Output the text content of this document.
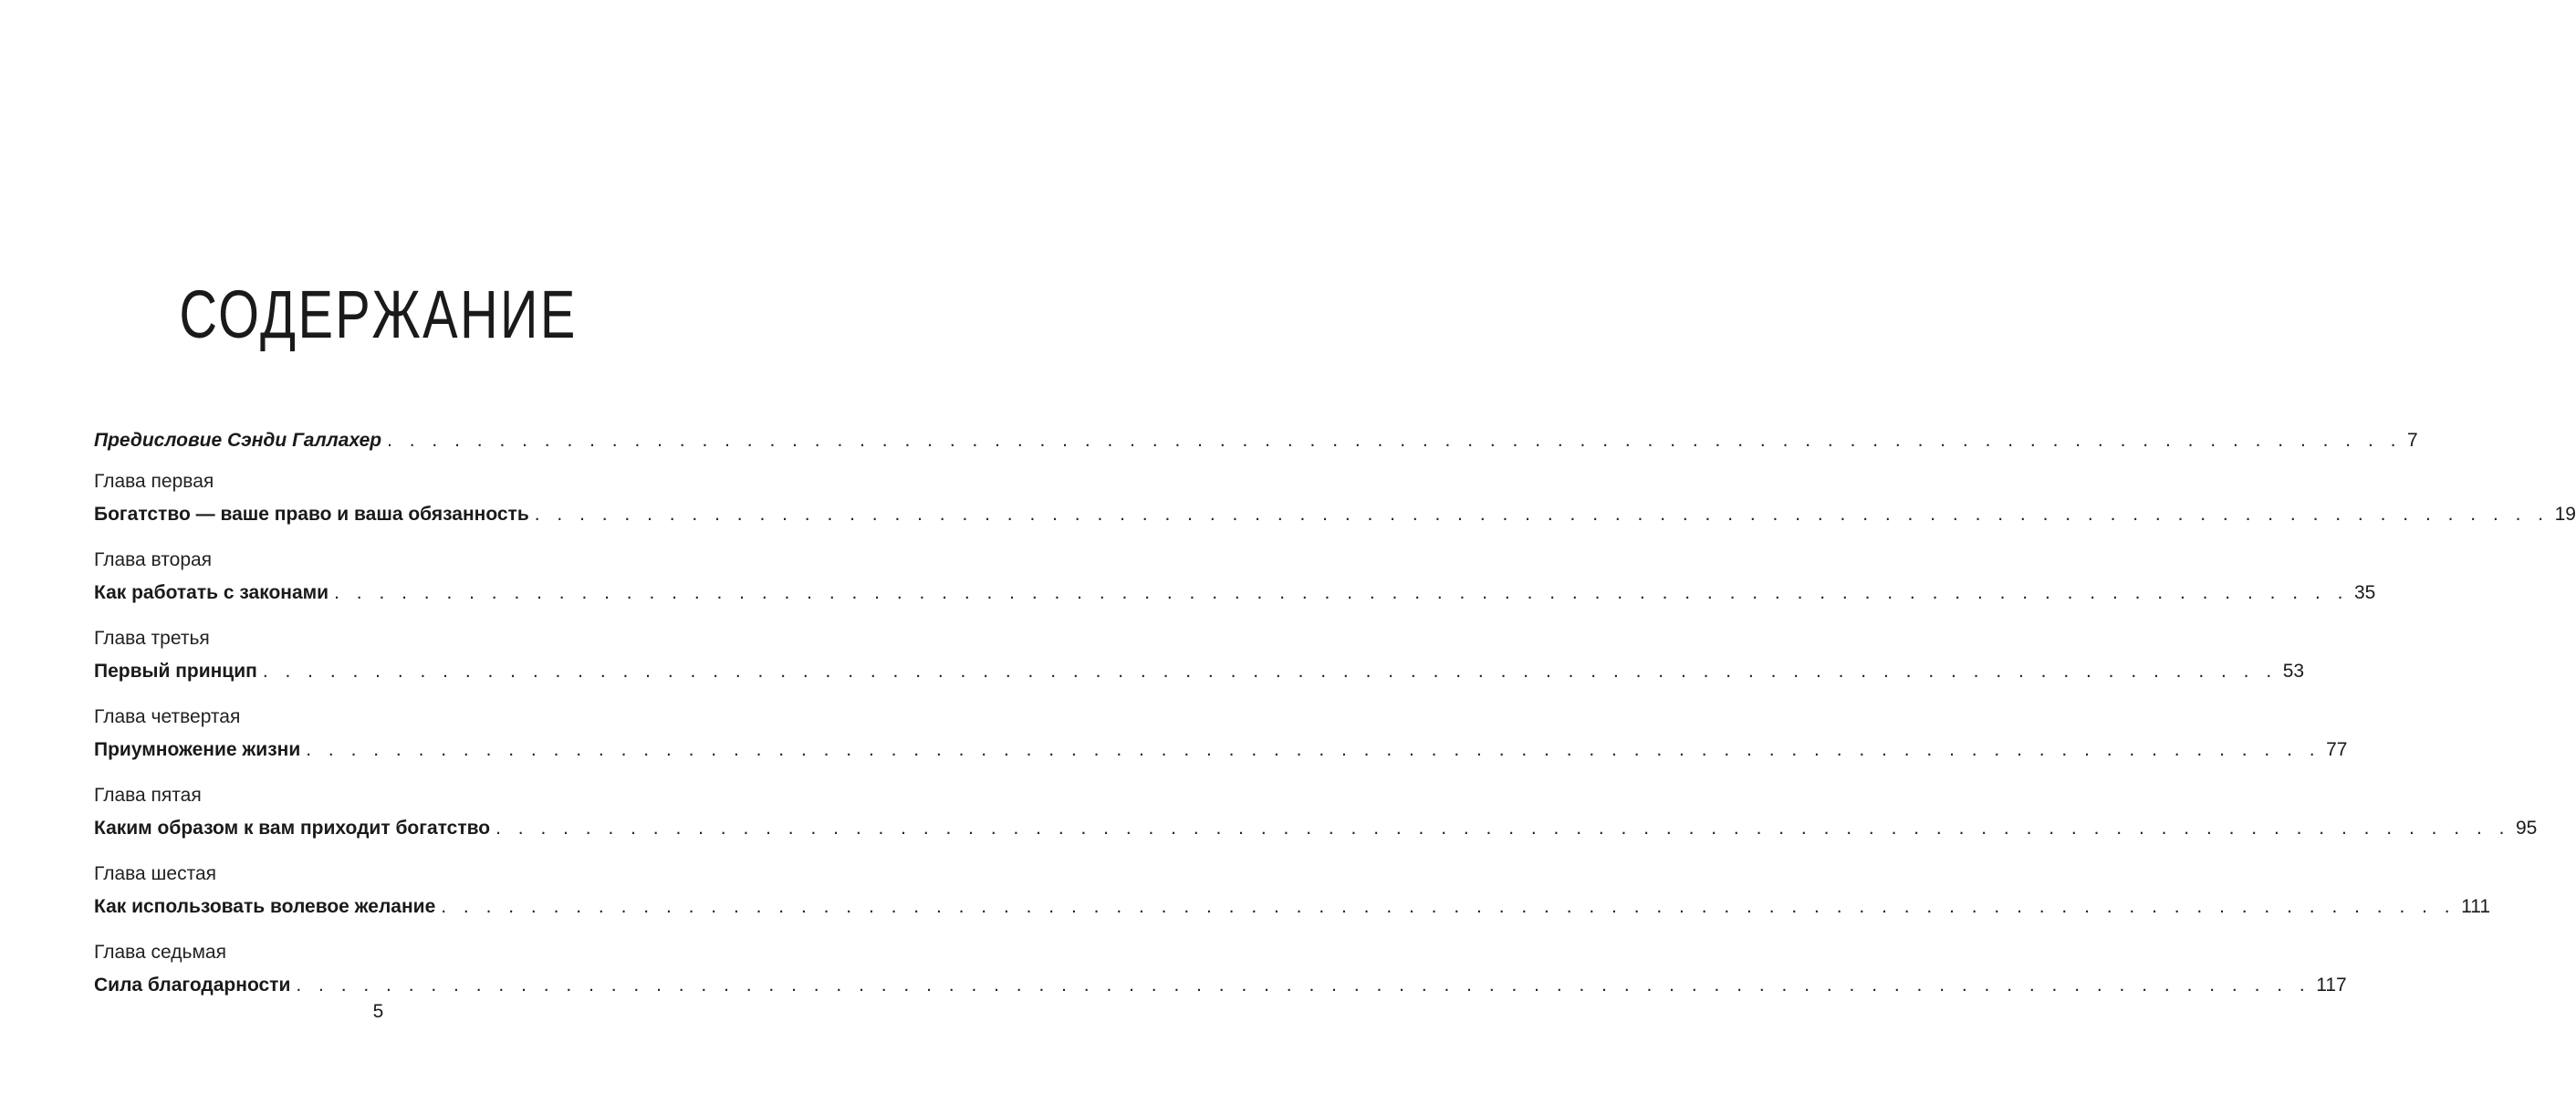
СОДЕРЖАНИЕ
Предисловие Сэнди Галлахер . . . . . . . . . . . . . . . . . . . . . . . . . . . . . . . . . . . . . . . . . . . . . . . . . . . . . . . . . . . . . . . . . . . . . . . . . . . . . . . . . . . . . . . . . . 7
Глава первая
Богатство — ваше право и ваша обязанность . . . . . . . . . . . . . . . . . . . . . . . . . . . . . . . . . . . . . . . . . . . . . . . . . . . . . . . . . . . . . . . . . . . . . . . . . . . . . . . . . . . . . . . . . . 19
Глава вторая
Как работать с законами . . . . . . . . . . . . . . . . . . . . . . . . . . . . . . . . . . . . . . . . . . . . . . . . . . . . . . . . . . . . . . . . . . . . . . . . . . . . . . . . . . . . . . . . . . 35
Глава третья
Первый принцип . . . . . . . . . . . . . . . . . . . . . . . . . . . . . . . . . . . . . . . . . . . . . . . . . . . . . . . . . . . . . . . . . . . . . . . . . . . . . . . . . . . . . . . . . . 53
Глава четвертая
Приумножение жизни . . . . . . . . . . . . . . . . . . . . . . . . . . . . . . . . . . . . . . . . . . . . . . . . . . . . . . . . . . . . . . . . . . . . . . . . . . . . . . . . . . . . . . . . . . 77
Глава пятая
Каким образом к вам приходит богатство . . . . . . . . . . . . . . . . . . . . . . . . . . . . . . . . . . . . . . . . . . . . . . . . . . . . . . . . . . . . . . . . . . . . . . . . . . . . . . . . . . . . . . . . . . 95
Глава шестая
Как использовать волевое желание . . . . . . . . . . . . . . . . . . . . . . . . . . . . . . . . . . . . . . . . . . . . . . . . . . . . . . . . . . . . . . . . . . . . . . . . . . . . . . . . . . . . . . . . . . 111
Глава седьмая
Сила благодарности . . . . . . . . . . . . . . . . . . . . . . . . . . . . . . . . . . . . . . . . . . . . . . . . . . . . . . . . . . . . . . . . . . . . . . . . . . . . . . . . . . . . . . . . . . 117
5
